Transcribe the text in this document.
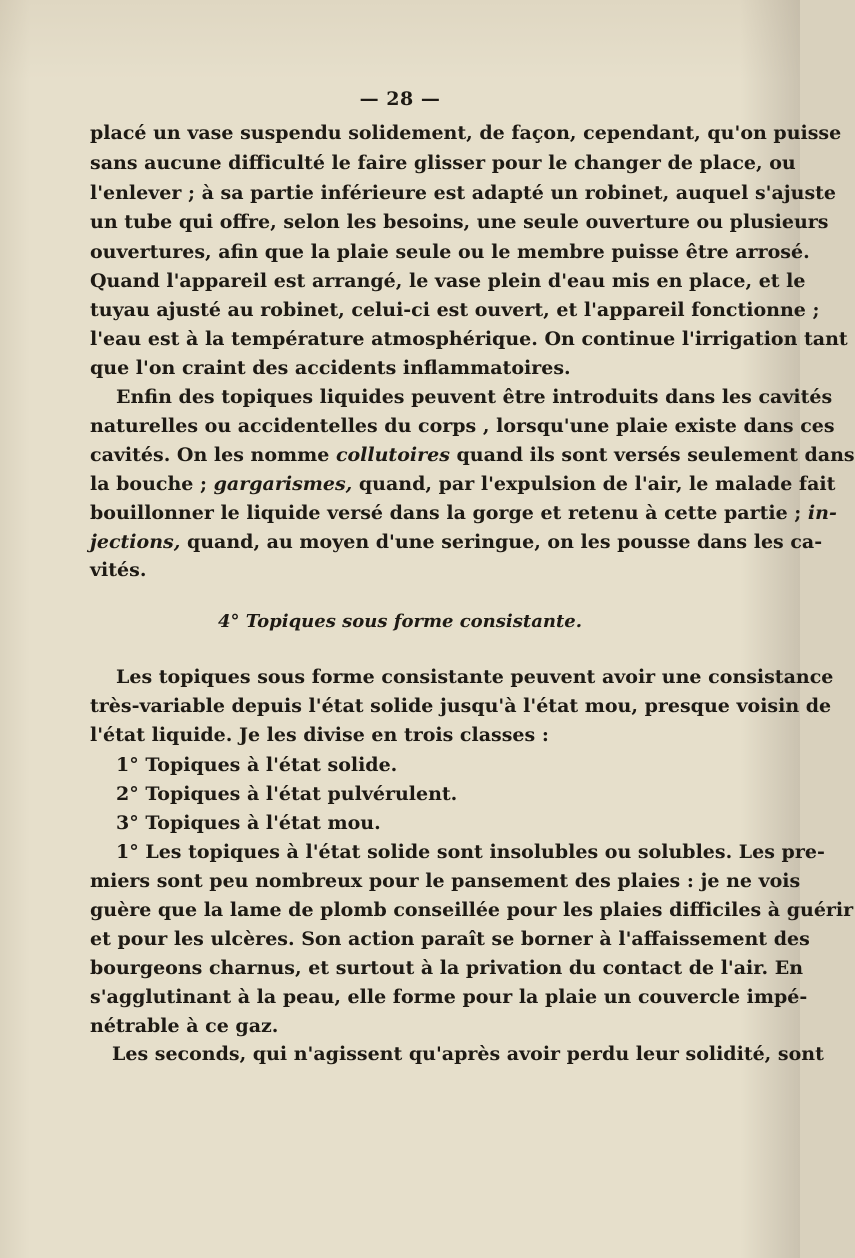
— 28 —
placé un vase suspendu solidement, de façon, cependant, qu'on puisse
sans aucune difficulté le faire glisser pour le changer de place, ou
l'enlever ; à sa partie inférieure est adapté un robinet, auquel s'ajuste
un tube qui offre, selon les besoins, une seule ouverture ou plusieurs
ouvertures, afin que la plaie seule ou le membre puisse être arrosé.
Quand l'appareil est arrangé, le vase plein d'eau mis en place, et le
tuyau ajusté au robinet, celui-ci est ouvert, et l'appareil fonctionne ;
l'eau est à la température atmosphérique. On continue l'irrigation tant
que l'on craint des accidents inflammatoires.
Enfin des topiques liquides peuvent être introduits dans les cavités
naturelles ou accidentelles du corps , lorsqu'une plaie existe dans ces
cavités. On les nomme collutoires quand ils sont versés seulement dans
la bouche ; gargarismes, quand, par l'expulsion de l'air, le malade fait
bouillonner le liquide versé dans la gorge et retenu à cette partie ; in-
jections, quand, au moyen d'une seringue, on les pousse dans les ca-
vités.
4° Topiques sous forme consistante.
Les topiques sous forme consistante peuvent avoir une consistance
très-variable depuis l'état solide jusqu'à l'état mou, presque voisin de
l'état liquide. Je les divise en trois classes :
1° Topiques à l'état solide.
2° Topiques à l'état pulvérulent.
3° Topiques à l'état mou.
1° Les topiques à l'état solide sont insolubles ou solubles. Les pre-
miers sont peu nombreux pour le pansement des plaies : je ne vois
guère que la lame de plomb conseillée pour les plaies difficiles à guérir
et pour les ulcères. Son action paraît se borner à l'affaissement des
bourgeons charnus, et surtout à la privation du contact de l'air. En
s'agglutinant à la peau, elle forme pour la plaie un couvercle impé-
nétrable à ce gaz.
Les seconds, qui n'agissent qu'après avoir perdu leur solidité, sont
